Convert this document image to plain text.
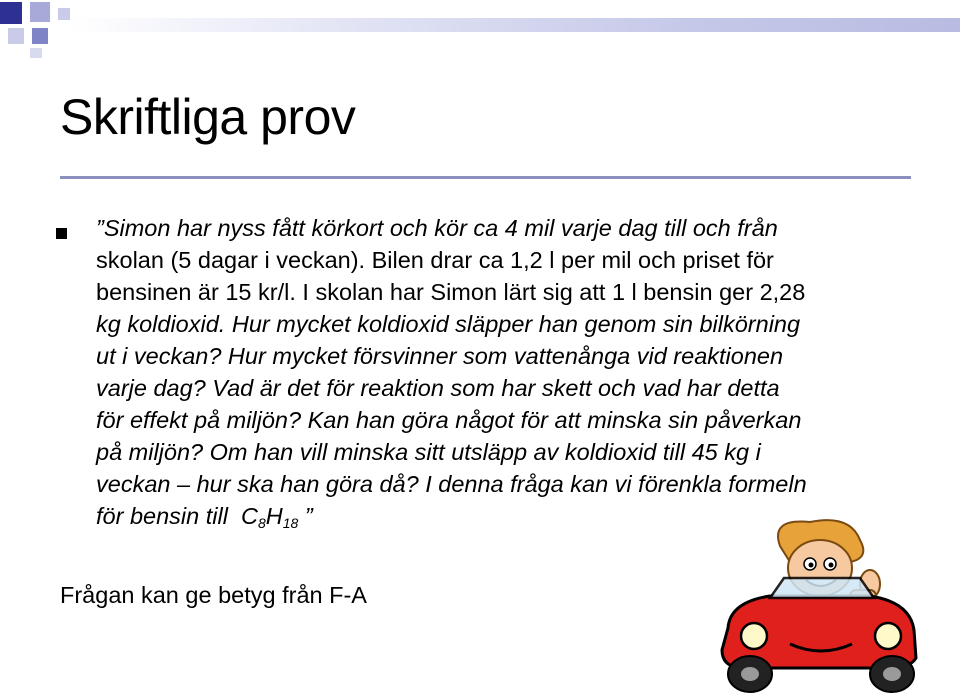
Skriftliga prov
”Simon har nyss fått körkort och kör ca 4 mil varje dag till och från
skolan (5 dagar i veckan). Bilen drar ca 1,2 l per mil och priset för
bensinen är 15 kr/l. I skolan har Simon lärt sig att 1 l bensin ger 2,28
kg koldioxid. Hur mycket koldioxid släpper han genom sin bilkörning
ut i veckan? Hur mycket försvinner som vattenånga vid reaktionen
varje dag? Vad är det för reaktion som har skett och vad har detta
för effekt på miljön? Kan han göra något för att minska sin påverkan
på miljön? Om han vill minska sitt utsläpp av koldioxid till 45 kg i
veckan – hur ska han göra då? I denna fråga kan vi förenkla formeln
för bensin till $C_8H_{18}$ ”
Frågan kan ge betyg från F-A
